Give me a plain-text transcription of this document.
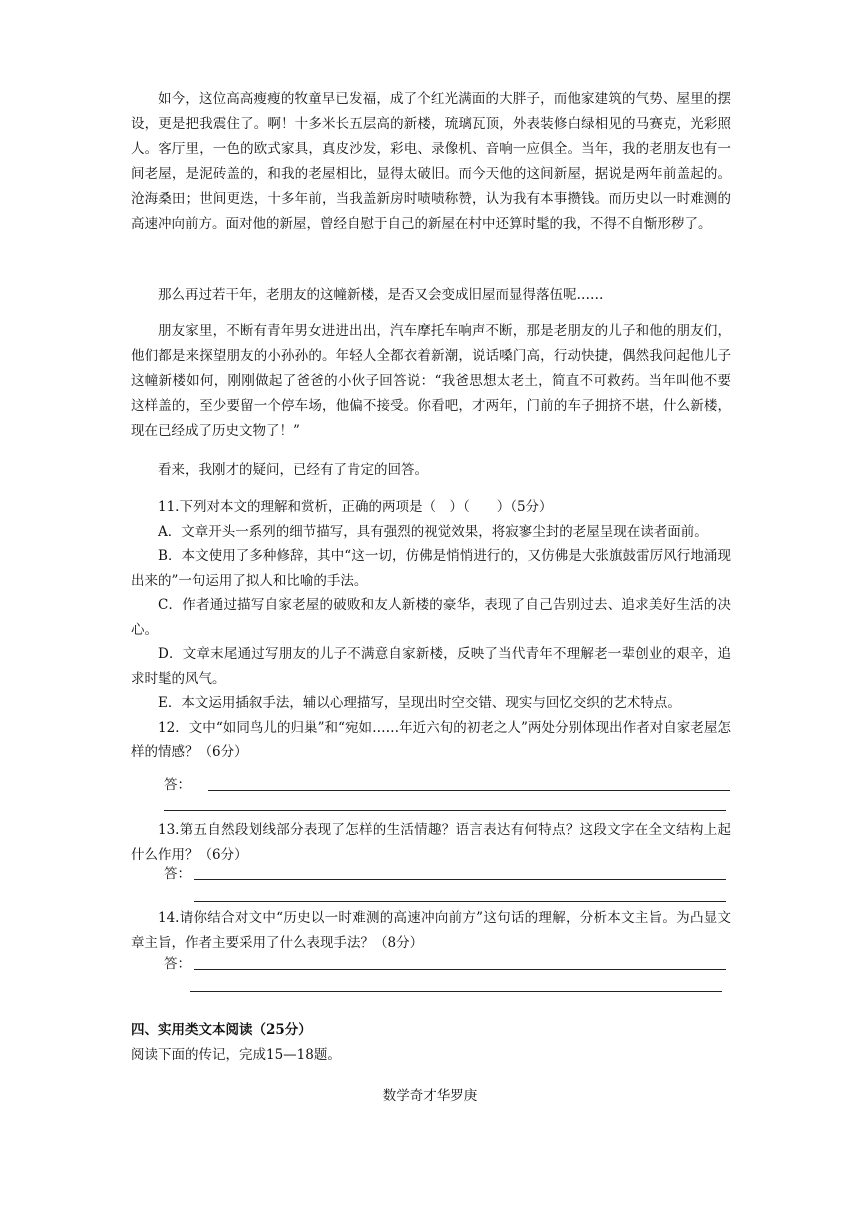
如今，这位高高瘦瘦的牧童早已发福，成了个红光满面的大胖子，而他家建筑的气势、屋里的摆设，更是把我震住了。啊！十多米长五层高的新楼，琉璃瓦顶，外表装修白绿相见的马赛克，光彩照人。客厅里，一色的欧式家具，真皮沙发，彩电、录像机、音响一应俱全。当年，我的老朋友也有一间老屋，是泥砖盖的，和我的老屋相比，显得太破旧。而今天他的这间新屋，据说是两年前盖起的。沧海桑田；世间更迭，十多年前，当我盖新房时啧啧称赞，认为我有本事攒钱。而历史以一时难测的高速冲向前方。面对他的新屋，曾经自慰于自己的新屋在村中还算时髦的我，不得不自惭形秽了。

那么再过若干年，老朋友的这幢新楼，是否又会变成旧屋而显得落伍呢……

朋友家里，不断有青年男女进进出出，汽车摩托车响声不断，那是老朋友的儿子和他的朋友们，他们都是来探望朋友的小孙孙的。年轻人全都衣着新潮，说话嗓门高，行动快捷，偶然我问起他儿子这幢新楼如何，刚刚做起了爸爸的小伙子回答说：“我爸思想太老土，简直不可救药。当年叫他不要这样盖的，至少要留一个停车场，他偏不接受。你看吧，才两年，门前的车子拥挤不堪，什么新楼，现在已经成了历史文物了！”

看来，我刚才的疑问，已经有了肯定的回答。

11.下列对本文的理解和赏析，正确的两项是（　）（　　）（5分）

A．文章开头一系列的细节描写，具有强烈的视觉效果，将寂寥尘封的老屋呈现在读者面前。

B．本文使用了多种修辞，其中“这一切，仿佛是悄悄进行的，又仿佛是大张旗鼓雷厉风行地涌现出来的”一句运用了拟人和比喻的手法。

C．作者通过描写自家老屋的破败和友人新楼的豪华，表现了自己告别过去、追求美好生活的决心。

D．文章末尾通过写朋友的儿子不满意自家新楼，反映了当代青年不理解老一辈创业的艰辛，追求时髦的风气。

E．本文运用插叙手法，辅以心理描写，呈现出时空交错、现实与回忆交织的艺术特点。

12．文中“如同鸟儿的归巢”和“宛如……年近六旬的初老之人”两处分别体现出作者对自家老屋怎样的情感？（6分）

答：

13.第五自然段划线部分表现了怎样的生活情趣？语言表达有何特点？这段文字在全文结构上起什么作用？（6分）

答：

14.请你结合对文中“历史以一时难测的高速冲向前方”这句话的理解，分析本文主旨。为凸显文章主旨，作者主要采用了什么表现手法？（8分）

答：
四、实用类文本阅读（25分）
阅读下面的传记，完成15—18题。
数学奇才华罗庚
